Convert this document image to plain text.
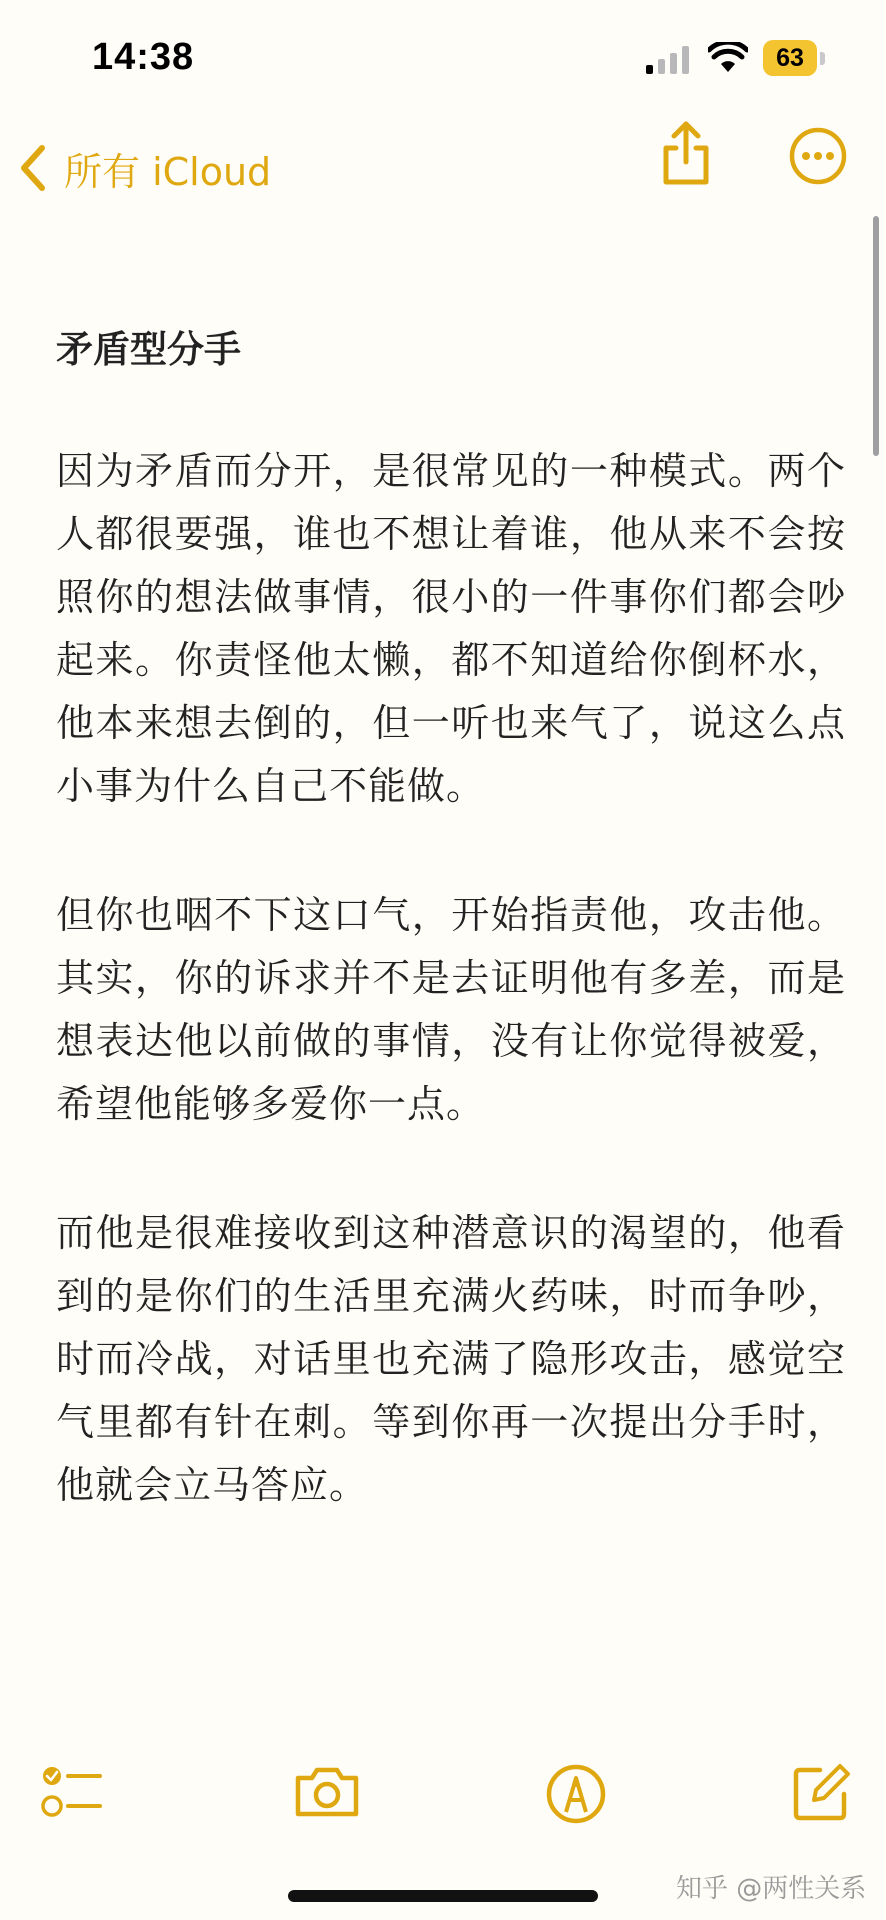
14:38	63
所有 iCloud
矛盾型分手

因为矛盾而分开，是很常见的一种模式。两个人都很要强，谁也不想让着谁，他从来不会按照你的想法做事情，很小的一件事你们都会吵起来。你责怪他太懒，都不知道给你倒杯水，他本来想去倒的，但一听也来气了，说这么点小事为什么自己不能做。

但你也咽不下这口气，开始指责他，攻击他。其实，你的诉求并不是去证明他有多差，而是想表达他以前做的事情，没有让你觉得被爱，希望他能够多爱你一点。

而他是很难接收到这种潜意识的渴望的，他看到的是你们的生活里充满火药味，时而争吵，时而冷战，对话里也充满了隐形攻击，感觉空气里都有针在刺。等到你再一次提出分手时，他就会立马答应。

知乎 @两性关系
